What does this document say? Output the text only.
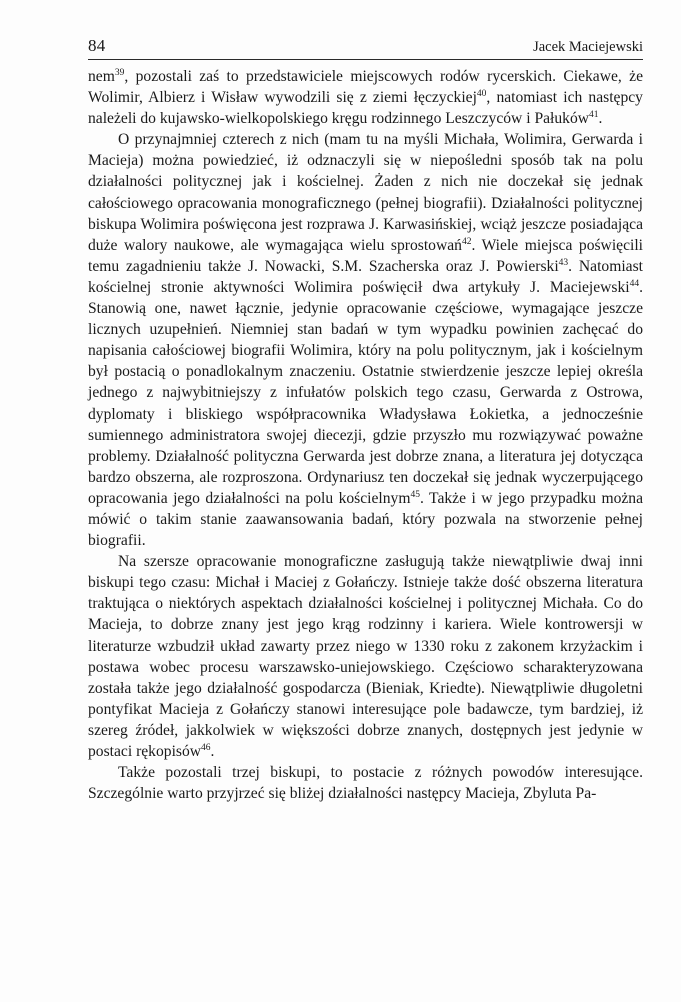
84	Jacek Maciejewski

nem$^{39}$, pozostali zaś to przedstawiciele miejscowych rodów rycerskich. Ciekawe, że Wolimir, Albierz i Wisław wywodzili się z ziemi łęczyckiej$^{40}$, natomiast ich następcy należeli do kujawsko-wielkopolskiego kręgu rodzinnego Leszczyców i Pałuków$^{41}$.

O przynajmniej czterech z nich (mam tu na myśli Michała, Wolimira, Gerwarda i Macieja) można powiedzieć, iż odznaczyli się w niepośledni sposób tak na polu działalności politycznej jak i kościelnej. Żaden z nich nie doczekał się jednak całościowego opracowania monograficznego (pełnej biografii). Działalności politycznej biskupa Wolimira poświęcona jest rozprawa J. Karwasińskiej, wciąż jeszcze posiadająca duże walory naukowe, ale wymagająca wielu sprostowań$^{42}$. Wiele miejsca poświęcili temu zagadnieniu także J. Nowacki, S.M. Szacherska oraz J. Powierski$^{43}$. Natomiast kościelnej stronie aktywności Wolimira poświęcił dwa artykuły J. Maciejewski$^{44}$. Stanowią one, nawet łącznie, jedynie opracowanie częściowe, wymagające jeszcze licznych uzupełnień. Niemniej stan badań w tym wypadku powinien zachęcać do napisania całościowej biografii Wolimira, który na polu politycznym, jak i kościelnym był postacią o ponadlokalnym znaczeniu. Ostatnie stwierdzenie jeszcze lepiej określa jednego z najwybitniejszy z infułatów polskich tego czasu, Gerwarda z Ostrowa, dyplomaty i bliskiego współpracownika Władysława Łokietka, a jednocześnie sumiennego administratora swojej diecezji, gdzie przyszło mu rozwiązywać poważne problemy. Działalność polityczna Gerwarda jest dobrze znana, a literatura jej dotycząca bardzo obszerna, ale rozproszona. Ordynariusz ten doczekał się jednak wyczerpującego opracowania jego działalności na polu kościelnym$^{45}$. Także i w jego przypadku można mówić o takim stanie zaawansowania badań, który pozwala na stworzenie pełnej biografii.

Na szersze opracowanie monograficzne zasługują także niewątpliwie dwaj inni biskupi tego czasu: Michał i Maciej z Gołańczy. Istnieje także dość obszerna literatura traktująca o niektórych aspektach działalności kościelnej i politycznej Michała. Co do Macieja, to dobrze znany jest jego krąg rodzinny i kariera. Wiele kontrowersji w literaturze wzbudził układ zawarty przez niego w 1330 roku z zakonem krzyżackim i postawa wobec procesu warszawsko-uniejowskiego. Częściowo scharakteryzowana została także jego działalność gospodarcza (Bieniak, Kriedte). Niewątpliwie długoletni pontyfikat Macieja z Gołańczy stanowi interesujące pole badawcze, tym bardziej, iż szereg źródeł, jakkolwiek w większości dobrze znanych, dostępnych jest jedynie w postaci rękopisów$^{46}$.

Także pozostali trzej biskupi, to postacie z różnych powodów interesujące. Szczególnie warto przyjrzeć się bliżej działalności następcy Macieja, Zbyluta Pa-
